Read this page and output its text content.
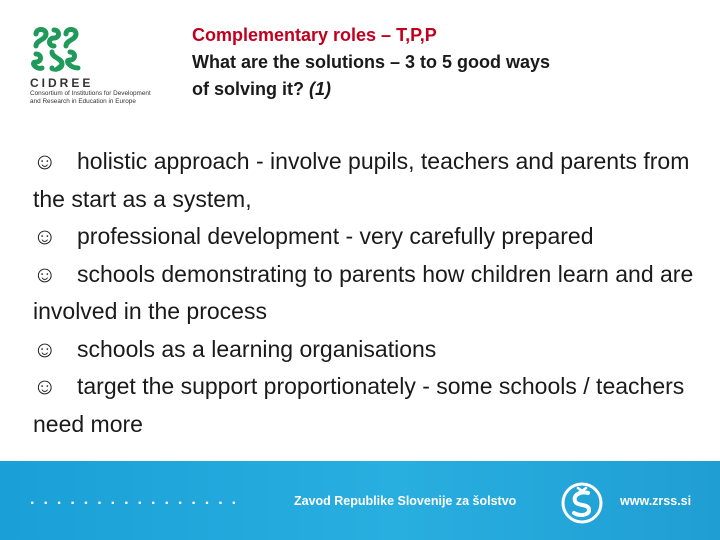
CIDREE
Consortium of Institutions for Development
and Research in Education in Europe
Complementary roles – T,P,P
What are the solutions – 3 to 5 good ways
of solving it? (1)

☺ holistic approach - involve pupils, teachers and parents from the start as a system,

☺ professional development - very carefully prepared

☺ schools demonstrating to parents how children learn and are involved in the process

☺ schools as a learning organisations

☺ target the support proportionately - some schools / teachers need more

................	Zavod Republike Slovenije za šolstvo	www.zrss.si
